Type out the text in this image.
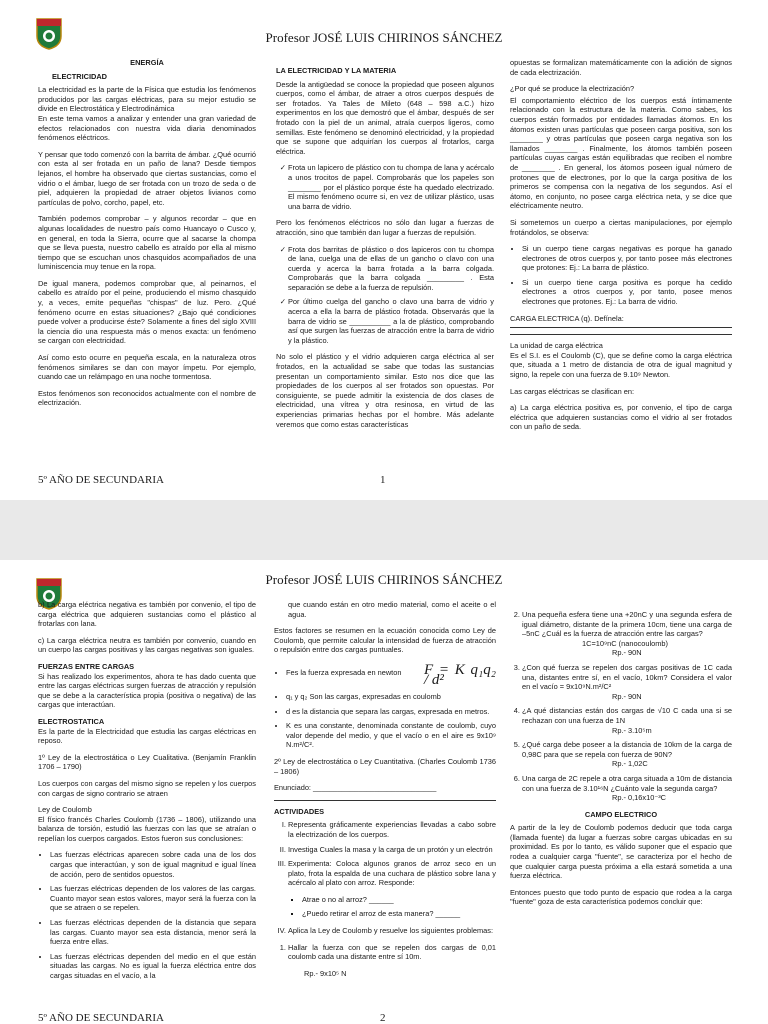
Profesor JOSÉ LUIS CHIRINOS SÁNCHEZ

ENERGÍA

ELECTRICIDAD

La electricidad es la parte de la Física que estudia los fenómenos producidos por las cargas eléctricas, para su mejor estudio se divide en Electrostática y Electrodinámica

En este tema vamos a analizar y entender una gran variedad de efectos relacionados con nuestra vida diaria denominados fenómenos eléctricos.

Y pensar que todo comenzó con la barrita de ámbar. ¿Qué ocurrió con esta al ser frotada en un paño de lana? Desde tiempos lejanos, el hombre ha observado que ciertas sustancias, como el vidrio o el ámbar, luego de ser frotada con un trozo de seda o de piel, adquieren la propiedad de atraer objetos livianos como partículas de polvo, corcho, papel, etc.

También podemos comprobar – y algunos recordar – que en algunas localidades de nuestro país como Huancayo o Cusco y, en general, en toda la Sierra, ocurre que al sacarse la chompa que se lleva puesta, nuestro cabello es atraído por ella al mismo tiempo que se escuchan unos chasquidos acompañados de una luminiscencia muy tenue en la ropa.

De igual manera, podemos comprobar que, al peinarnos, el cabello es atraído por el peine, produciendo el mismo chasquido y, a veces, emite pequeñas "chispas" de luz. Pero. ¿Qué fenómeno ocurre en estas situaciones? ¿Bajo qué condiciones puede volver a producirse éste? Solamente a fines del siglo XVIII la ciencia dio una respuesta más o menos exacta: un fenómeno se cargan con electricidad.

Así como esto ocurre en pequeña escala, en la naturaleza otros fenómenos similares se dan con mayor ímpetu. Por ejemplo, cuando cae un relámpago en una noche tormentosa.

Estos fenómenos son reconocidos actualmente con el nombre de electrización.

LA ELECTRICIDAD Y LA MATERIA

Desde la antigüedad se conoce la propiedad que poseen algunos cuerpos, como el ámbar, de atraer a otros cuerpos después de ser frotados. Ya Tales de Mileto (648 – 598 a.C.) hizo experimentos en los que demostró que el ámbar, después de ser frotado con la piel de un animal, atraía cuerpos ligeros, como semillas. Este fenómeno se denominó electricidad, y la propiedad que se supone que adquirían los cuerpos al frotarlos, carga eléctrica.

✓ Frota un lapicero de plástico con tu chompa de lana y acércalo a unos trocitos de papel. Comprobarás que los papeles son ________ por el plástico porque éste ha quedado electrizado. El mismo fenómeno ocurre si, en vez de utilizar plástico, usas una barra de vidrio.

Pero los fenómenos eléctricos no sólo dan lugar a fuerzas de atracción, sino que también dan lugar a fuerzas de repulsión.

✓ Frota dos barritas de plástico o dos lapiceros con tu chompa de lana, cuelga una de ellas de un gancho o clavo con una cuerda y acerca la barra frotada a la barra colgada. Comprobarás que la barra colgada _________ . Esta separación se debe a la fuerza de repulsión.
✓ Por último cuelga del gancho o clavo una barra de vidrio y acerca a ella la barra de plástico frotada. Observarás que la barra de vidrio se __________ a la de plástico, comprobando así que surgen las fuerzas de atracción entre la barra de vidrio y la plástico.

No solo el plástico y el vidrio adquieren carga eléctrica al ser frotados, en la actualidad se sabe que todas las sustancias presentan un comportamiento similar. Esto nos dice que las propiedades de los cuerpos al ser frotados son opuestas. Por consiguiente, se puede admitir la existencia de dos clases de electricidad, una vítrea y otra resinosa, en virtud de las experiencias primarias hechas por el hombre. Más adelante veremos que como estas características

opuestas se formalizan matemáticamente con la adición de signos de cada electrización.

¿Por qué se produce la electrización?

El comportamiento eléctrico de los cuerpos está íntimamente relacionado con la estructura de la materia. Como sabes, los cuerpos están formados por entidades llamadas átomos. En los átomos existen unas partículas que poseen carga positiva, son los ________ y otras partículas que poseen carga negativa son los llamados ________ . Finalmente, los átomos también poseen partículas cuyas cargas están equilibradas que reciben el nombre de ________ . En general, los átomos poseen igual número de protones que de electrones, por lo que la carga positiva de los primeros se compensa con la negativa de los segundos. Así el átomo, en conjunto, no posee carga eléctrica neta, y se dice que eléctricamente neutro.

Si sometemos un cuerpo a ciertas manipulaciones, por ejemplo frotándolos, se observa:

• Si un cuerpo tiene cargas negativas es porque ha ganado electrones de otros cuerpos y, por tanto posee más electrones que protones: Ej.: La barra de plástico.
• Si un cuerpo tiene carga positiva es porque ha cedido electrones a otros cuerpos y, por tanto, posee menos electrones que protones. Ej.: La barra de vidrio.

CARGA ELECTRICA (q). Defínela:

La unidad de carga eléctrica

Es el S.I. es el Coulomb (C), que se define como la carga eléctrica que, situada a 1 metro de distancia de otra de igual magnitud y signo, la repele con una fuerza de 9.10⁹ Newton.

Las cargas eléctricas se clasifican en:

a) La carga eléctrica positiva es, por convenio, el tipo de carga eléctrica que adquieren sustancias como el vidrio al ser frotados con un paño de seda.

5º AÑO DE SECUNDARIA	1
Profesor JOSÉ LUIS CHIRINOS SÁNCHEZ

b) La carga eléctrica negativa es también por convenio, el tipo de carga eléctrica que adquieren sustancias como el plástico al frotarlas con lana.

c) La carga eléctrica neutra es también por convenio, cuando en un cuerpo las cargas positivas y las cargas negativas son iguales.

FUERZAS ENTRE CARGAS

Si has realizado los experimentos, ahora te has dado cuenta que entre las cargas eléctricas surgen fuerzas de atracción y repulsión que se debe a la característica propia (positiva o negativa) de las cargas que interactúan.

ELECTROSTATICA

Es la parte de la Electricidad que estudia las cargas eléctricas en reposo.

1º Ley de la electrostática o Ley Cualitativa. (Benjamín Franklin 1706 – 1790)

Los cuerpos con cargas del mismo signo se repelen y los cuerpos con cargas de signo contrario se atraen

Ley de Coulomb

El físico francés Charles Coulomb (1736 – 1806), utilizando una balanza de torsión, estudió las fuerzas con las que se atraían o repelían los cuerpos cargados. Estos fueron sus conclusiones:

• Las fuerzas eléctricas aparecen sobre cada una de los dos cargas que interactúan, y son de igual magnitud e igual línea de acción, pero de sentidos opuestos.
• Las fuerzas eléctricas dependen de los valores de las cargas. Cuanto mayor sean estos valores, mayor será la fuerza con la que se atraen o se repelen.
• Las fuerzas eléctricas dependen de la distancia que separa las cargas. Cuanto mayor sea esta distancia, menor será la fuerza entre ellas.
• Las fuerzas eléctricas dependen del medio en el que están situadas las cargas. No es igual la fuerza eléctrica entre dos cargas situadas en el vacío, a la

que cuando están en otro medio material, como el aceite o el agua.

Estos factores se resumen en la ecuación conocida como Ley de Coulomb, que permite calcular la intensidad de fuerza de atracción o repulsión entre dos cargas puntuales.

• Fes la fuerza expresada en newton F = K q₁q₂ / d²
• q₁ y q₂ Son las cargas, expresadas en coulomb
• d es la distancia que separa las cargas, expresada en metros.
• K es una constante, denominada constante de coulomb, cuyo valor depende del medio, y que el vacío o en el aire es 9x10⁹ N.m²/C².

2º Ley de electrostática o Ley Cuantitativa. (Charles Coulomb 1736 – 1806)

Enunciado: ______________________________

ACTIVIDADES

I. Representa gráficamente experiencias llevadas a cabo sobre la electrización de los cuerpos.
II. Investiga Cuales la masa y la carga de un protón y un electrón
III. Experimenta: Coloca algunos granos de arroz seco en un plato, frota la espalda de una cuchara de plástico sobre lana y acércalo al plato con arroz. Responde:
▪ Atrae o no al arroz? ______
▪ ¿Puedo retirar el arroz de esta manera? ______
IV. Aplica la Ley de Coulomb y resuelve los siguientes problemas:
1. Hallar la fuerza con que se repelen dos cargas de 0,01 coulomb cada una distante entre sí 10m.

Rp.- 9x10⁵ N

2. Una pequeña esfera tiene una +20nC y una segunda esfera de igual diámetro, distante de la primera 10cm, tiene una carga de –5nC ¿Cuál es la fuerza de atracción entre las cargas?
1C=10⁹nC (nanocoulomb)
Rp.- 90N
3. ¿Con qué fuerza se repelen dos cargas positivas de 1C cada una, distantes entre sí, en el vacío, 10km? Considera el valor en el vacío = 9x10⁹N.m²/C²
Rp.- 90N
4. ¿A qué distancias están dos cargas de √10 C cada una si se rechazan con una fuerza de 1N
Rp.- 3.10⁵m
5. ¿Qué carga debe poseer a la distancia de 10km de la carga de 0,98C para que se repela con fuerza de 90N?
Rp.- 1,02C
6. Una carga de 2C repele a otra carga situada a 10m de distancia con una fuerza de 3.10¹⁶N ¿Cuánto vale la segunda carga?
Rp.- 0,16x10⁻³C

CAMPO ELECTRICO

A partir de la ley de Coulomb podemos deducir que toda carga (llamada fuente) da lugar a fuerzas sobre cargas ubicadas en su proximidad. Es por lo tanto, es válido suponer que el espacio que rodea a cualquier carga "fuente", se caracteriza por el hecho de que cualquier carga puesta próxima a ella estará sometida a una fuerza eléctrica.

Entonces puesto que todo punto de espacio que rodea a la carga "fuente" goza de esta característica podemos concluir que:

5º AÑO DE SECUNDARIA	2
